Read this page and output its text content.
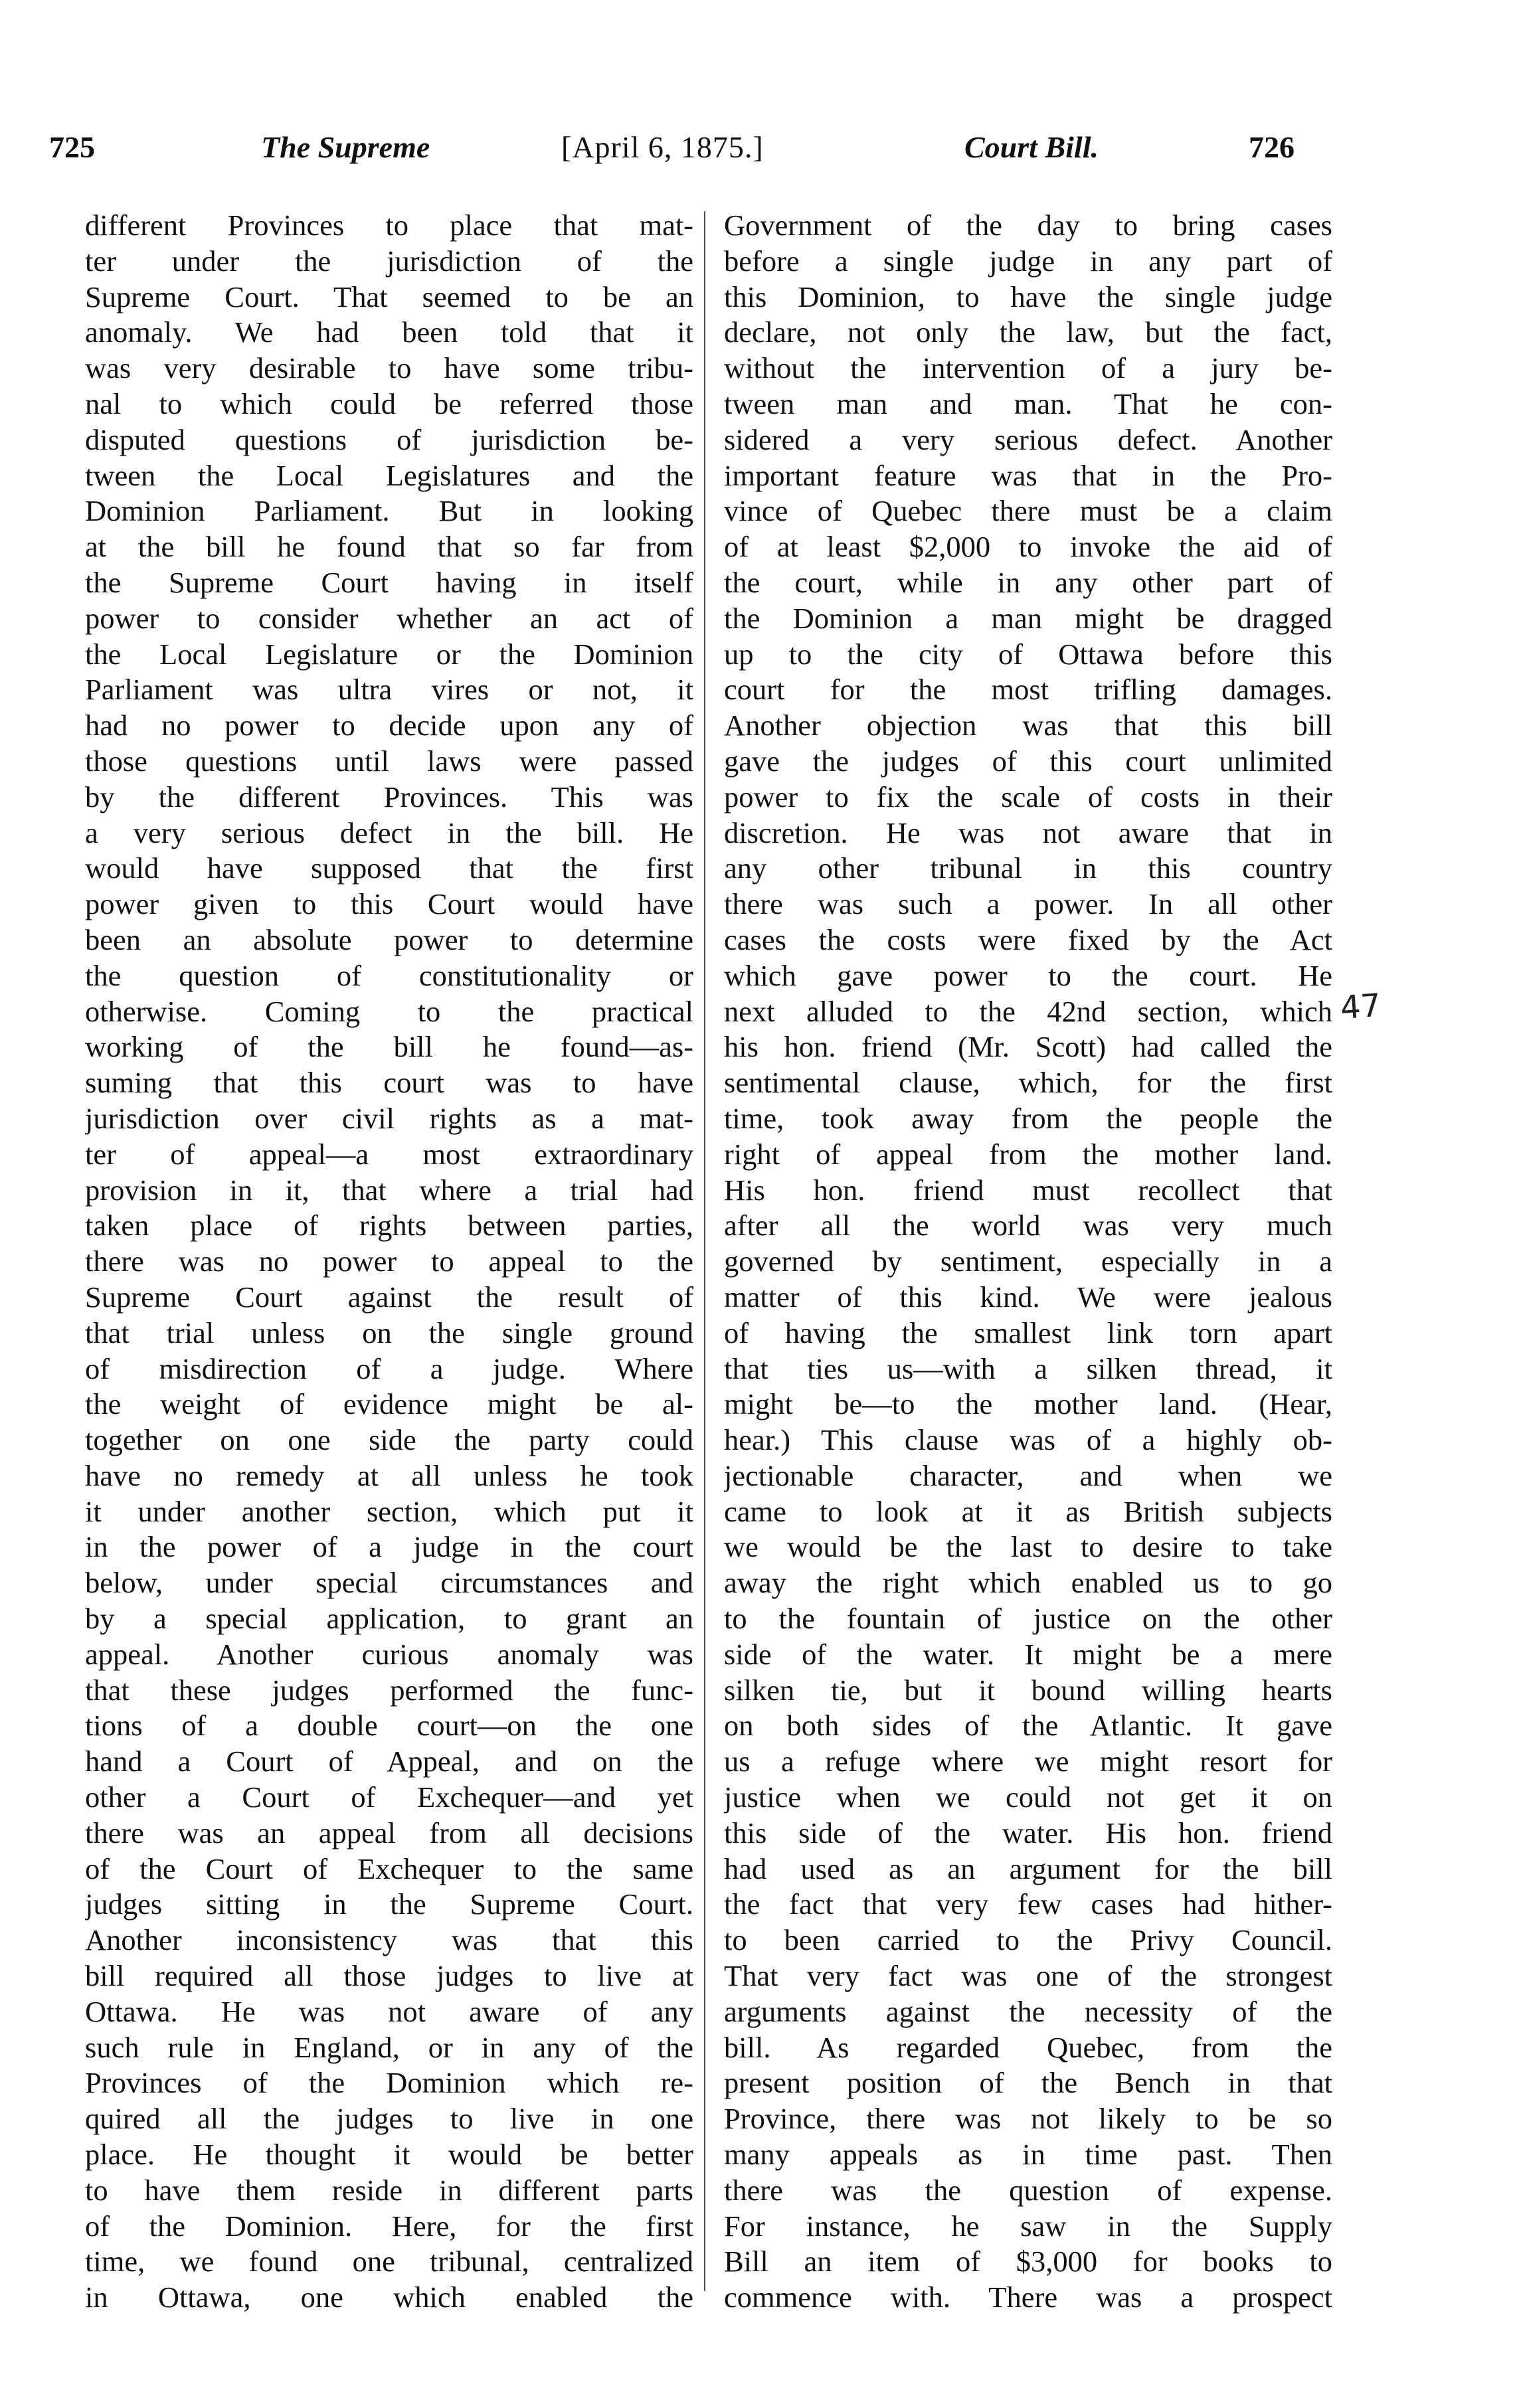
725	The Supreme	[April 6, 1875.]	Court Bill.	726
different Provinces to place that mat-
ter under the jurisdiction of the
Supreme Court. That seemed to be an
anomaly. We had been told that it
was very desirable to have some tribu-
nal to which could be referred those
disputed questions of jurisdiction be-
tween the Local Legislatures and the
Dominion Parliament. But in looking
at the bill he found that so far from
the Supreme Court having in itself
power to consider whether an act of
the Local Legislature or the Dominion
Parliament was ultra vires or not, it
had no power to decide upon any of
those questions until laws were passed
by the different Provinces. This was
a very serious defect in the bill. He
would have supposed that the first
power given to this Court would have
been an absolute power to determine
the question of constitutionality or
otherwise. Coming to the practical
working of the bill he found—as-
suming that this court was to have
jurisdiction over civil rights as a mat-
ter of appeal—a most extraordinary
provision in it, that where a trial had
taken place of rights between parties,
there was no power to appeal to the
Supreme Court against the result of
that trial unless on the single ground
of misdirection of a judge. Where
the weight of evidence might be al-
together on one side the party could
have no remedy at all unless he took
it under another section, which put it
in the power of a judge in the court
below, under special circumstances and
by a special application, to grant an
appeal. Another curious anomaly was
that these judges performed the func-
tions of a double court—on the one
hand a Court of Appeal, and on the
other a Court of Exchequer—and yet
there was an appeal from all decisions
of the Court of Exchequer to the same
judges sitting in the Supreme Court.
Another inconsistency was that this
bill required all those judges to live at
Ottawa. He was not aware of any
such rule in England, or in any of the
Provinces of the Dominion which re-
quired all the judges to live in one
place. He thought it would be better
to have them reside in different parts
of the Dominion. Here, for the first
time, we found one tribunal, centralized
in Ottawa, one which enabled the
Government of the day to bring cases
before a single judge in any part of
this Dominion, to have the single judge
declare, not only the law, but the fact,
without the intervention of a jury be-
tween man and man. That he con-
sidered a very serious defect. Another
important feature was that in the Pro-
vince of Quebec there must be a claim
of at least $2,000 to invoke the aid of
the court, while in any other part of
the Dominion a man might be dragged
up to the city of Ottawa before this
court for the most trifling damages.
Another objection was that this bill
gave the judges of this court unlimited
power to fix the scale of costs in their
discretion. He was not aware that in
any other tribunal in this country
there was such a power. In all other
cases the costs were fixed by the Act
which gave power to the court. He
next alluded to the 42nd section, which
his hon. friend (Mr. Scott) had called the
sentimental clause, which, for the first
time, took away from the people the
right of appeal from the mother land.
His hon. friend must recollect that
after all the world was very much
governed by sentiment, especially in a
matter of this kind. We were jealous
of having the smallest link torn apart
that ties us—with a silken thread, it
might be—to the mother land. (Hear,
hear.) This clause was of a highly ob-
jectionable character, and when we
came to look at it as British subjects
we would be the last to desire to take
away the right which enabled us to go
to the fountain of justice on the other
side of the water. It might be a mere
silken tie, but it bound willing hearts
on both sides of the Atlantic. It gave
us a refuge where we might resort for
justice when we could not get it on
this side of the water. His hon. friend
had used as an argument for the bill
the fact that very few cases had hither-
to been carried to the Privy Council.
That very fact was one of the strongest
arguments against the necessity of the
bill. As regarded Quebec, from the
present position of the Bench in that
Province, there was not likely to be so
many appeals as in time past. Then
there was the question of expense.
For instance, he saw in the Supply
Bill an item of $3,000 for books to
commence with. There was a prospect
47
